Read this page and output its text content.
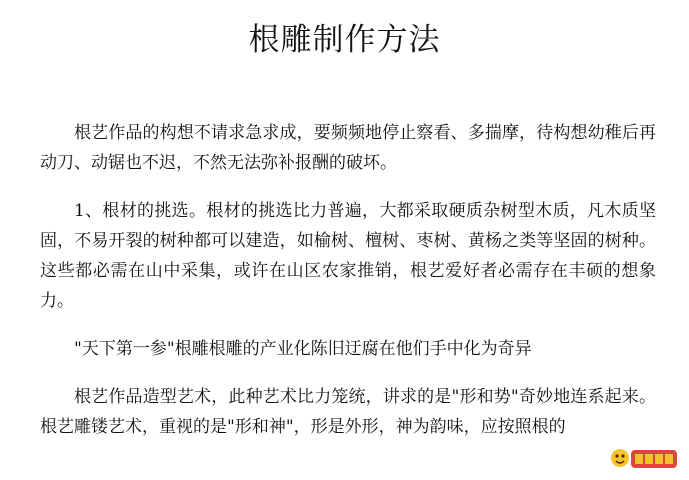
根雕制作方法

根艺作品的构想不请求急求成，要频频地停止察看、多揣摩，待构想幼稚后再动刀、动锯也不迟，不然无法弥补报酬的破坏。

1、根材的挑选。根材的挑选比力普遍，大都采取硬质杂树型木质，凡木质坚固，不易开裂的树种都可以建造，如榆树、檀树、枣树、黄杨之类等坚固的树种。这些都必需在山中采集，或许在山区农家推销，根艺爱好者必需存在丰硕的想象力。

"天下第一参"根雕根雕的产业化陈旧迂腐在他们手中化为奇异

根艺作品造型艺术，此种艺术比力笼统，讲求的是"形和势"奇妙地连系起来。根艺雕镂艺术，重视的是"形和神"，形是外形，神为韵味，应按照根的
